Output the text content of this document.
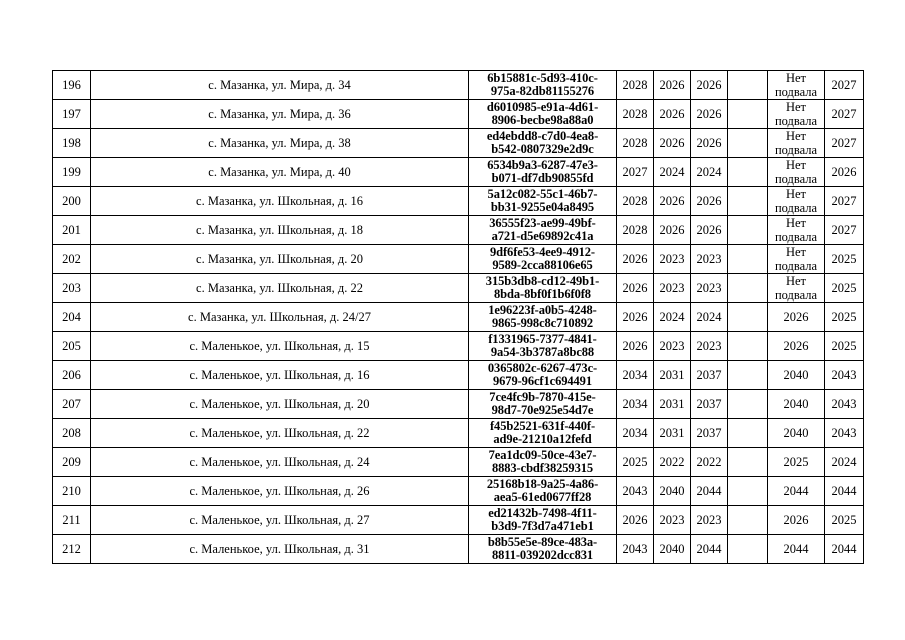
196	с. Мазанка, ул. Мира, д. 34	6b15881c-5d93-410c-
975a-82db81155276	2028	2026	2026		Нет подвала	2027
197	с. Мазанка, ул. Мира, д. 36	d6010985-e91a-4d61-
8906-becbe98a88a0	2028	2026	2026		Нет подвала	2027
198	с. Мазанка, ул. Мира, д. 38	ed4ebdd8-c7d0-4ea8-
b542-0807329e2d9c	2028	2026	2026		Нет подвала	2027
199	с. Мазанка, ул. Мира, д. 40	6534b9a3-6287-47e3-
b071-df7db90855fd	2027	2024	2024		Нет подвала	2026
200	с. Мазанка, ул. Школьная, д. 16	5a12c082-55c1-46b7-
bb31-9255e04a8495	2028	2026	2026		Нет подвала	2027
201	с. Мазанка, ул. Школьная, д. 18	36555f23-ae99-49bf-
a721-d5e69892c41a	2028	2026	2026		Нет подвала	2027
202	с. Мазанка, ул. Школьная, д. 20	9df6fe53-4ee9-4912-
9589-2cca88106e65	2026	2023	2023		Нет подвала	2025
203	с. Мазанка, ул. Школьная, д. 22	315b3db8-cd12-49b1-
8bda-8bf0f1b6f0f8	2026	2023	2023		Нет подвала	2025
204	с. Мазанка, ул. Школьная, д. 24/27	1e96223f-a0b5-4248-
9865-998c8c710892	2026	2024	2024		2026	2025
205	с. Маленькое, ул. Школьная, д. 15	f1331965-7377-4841-
9a54-3b3787a8bc88	2026	2023	2023		2026	2025
206	с. Маленькое, ул. Школьная, д. 16	0365802c-6267-473c-
9679-96cf1c694491	2034	2031	2037		2040	2043
207	с. Маленькое, ул. Школьная, д. 20	7ce4fc9b-7870-415e-
98d7-70e925e54d7e	2034	2031	2037		2040	2043
208	с. Маленькое, ул. Школьная, д. 22	f45b2521-631f-440f-
ad9e-21210a12fefd	2034	2031	2037		2040	2043
209	с. Маленькое, ул. Школьная, д. 24	7ea1dc09-50ce-43e7-
8883-cbdf38259315	2025	2022	2022		2025	2024
210	с. Маленькое, ул. Школьная, д. 26	25168b18-9a25-4a86-
aea5-61ed0677ff28	2043	2040	2044		2044	2044
211	с. Маленькое, ул. Школьная, д. 27	ed21432b-7498-4f11-
b3d9-7f3d7a471eb1	2026	2023	2023		2026	2025
212	с. Маленькое, ул. Школьная, д. 31	b8b55e5e-89ce-483a-
8811-039202dcc831	2043	2040	2044		2044	2044
